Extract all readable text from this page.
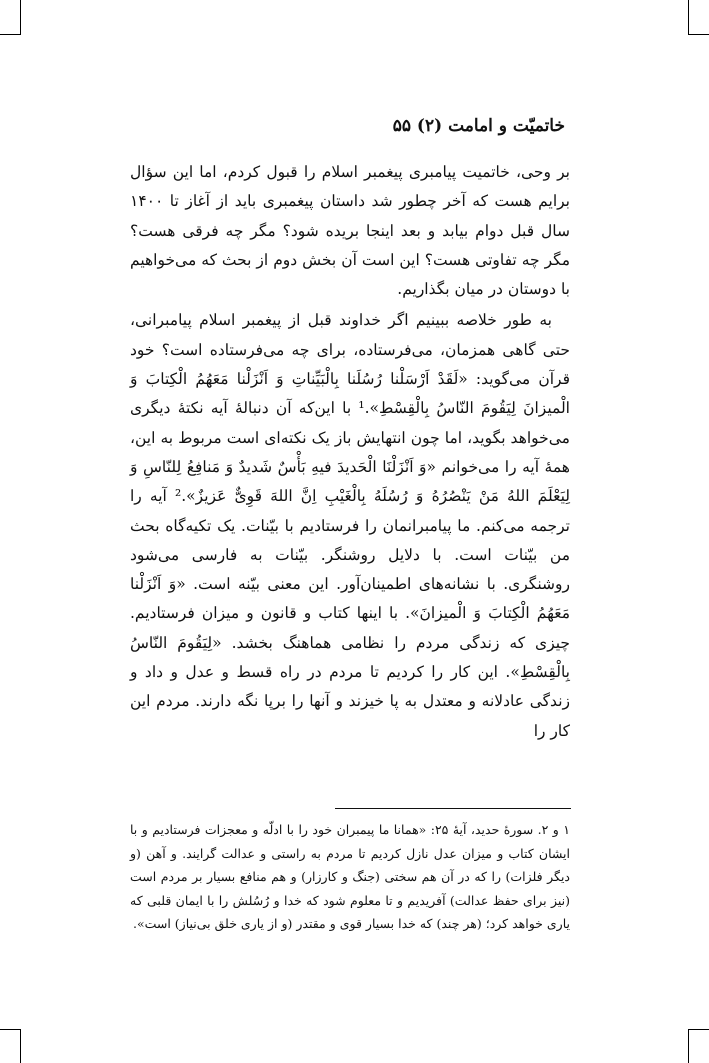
خاتمیّت و امامت (۲) ۵۵

بر وحی، خاتمیت پیامبری پیغمبر اسلام را قبول کردم، اما این سؤال برایم هست که آخر چطور شد داستان پیغمبری باید از آغاز تا ۱۴۰۰ سال قبل دوام بیابد و بعد اینجا بریده شود؟ مگر چه فرقی هست؟ مگر چه تفاوتی هست؟ این است آن بخش دوم از بحث که می‌خواهیم با دوستان در میان بگذاریم.

به طور خلاصه ببینیم اگر خداوند قبل از پیغمبر اسلام پیامبرانی، حتی گاهی همزمان، می‌فرستاده، برای چه می‌فرستاده است؟ خود قرآن می‌گوید: «لَقَدْ اَرْسَلْنا رُسُلَنا بِالْبَیِّناتِ وَ اَنْزَلْنا مَعَهُمُ الْکِتابَ وَ الْمیزانَ لِیَقُومَ النّاسُ بِالْقِسْطِ».¹ با این‌که آن دنبالهٔ آیه نکتهٔ دیگری می‌خواهد بگوید، اما چون انتهایش باز یک نکته‌ای است مربوط به این، همهٔ آیه را می‌خوانم «وَ اَنْزَلْنَا الْحَدیدَ فیهِ بَأْسٌ شَدیدٌ وَ مَنافِعُ لِلنّاسِ وَ لِیَعْلَمَ اللهُ مَنْ یَنْصُرُهُ وَ رُسُلَهُ بِالْغَیْبِ اِنَّ اللهَ قَوِیٌّ عَزیزٌ».² آیه را ترجمه می‌کنم. ما پیامبرانمان را فرستادیم با بیّنات. یک تکیه‌گاه بحث من بیّنات است. با دلایل روشنگر. بیّنات به فارسی می‌شود روشنگری. با نشانه‌های اطمینان‌آور. این معنی بیّنه است. «وَ اَنْزَلْنا مَعَهُمُ الْکِتابَ وَ الْمیزانَ». با اینها کتاب و قانون و میزان فرستادیم. چیزی که زندگی مردم را نظامی هماهنگ بخشد. «لِیَقُومَ النّاسُ بِالْقِسْطِ». این کار را کردیم تا مردم در راه قسط و عدل و داد و زندگی عادلانه و معتدل به پا خیزند و آنها را برپا نگه دارند. مردم این کار را

۱ و ۲. سورهٔ حدید، آیهٔ ۲۵: «همانا ما پیمبران خود را با ادلّه و معجزات فرستادیم و با ایشان کتاب و میزان عدل نازل کردیم تا مردم به راستی و عدالت گرایند. و آهن (و دیگر فلزات) را که در آن هم سختی (جنگ و کارزار) و هم منافع بسیار بر مردم است (نیز برای حفظ عدالت) آفریدیم و تا معلوم شود که خدا و رُسُلش را با ایمان قلبی که یاری خواهد کرد؛ (هر چند) که خدا بسیار قوی و مقتدر (و از یاری خلق بی‌نیاز) است».
